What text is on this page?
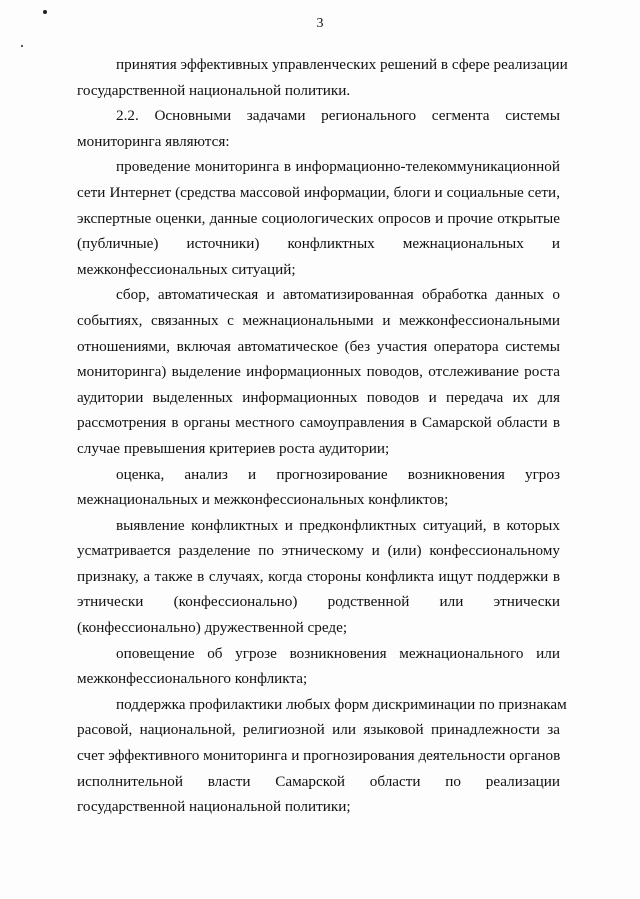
3
принятия эффективных управленческих решений в сфере реализации
государственной национальной политики.
2.2. Основными задачами регионального сегмента системы
мониторинга являются:
проведение мониторинга в информационно-телекоммуникационной
сети Интернет (средства массовой информации, блоги и социальные сети,
экспертные оценки, данные социологических опросов и прочие открытые
(публичные) источники) конфликтных межнациональных и
межконфессиональных ситуаций;
сбор, автоматическая и автоматизированная обработка данных о
событиях, связанных с межнациональными и межконфессиональными
отношениями, включая автоматическое (без участия оператора системы
мониторинга) выделение информационных поводов, отслеживание роста
аудитории выделенных информационных поводов и передача их для
рассмотрения в органы местного самоуправления в Самарской области в
случае превышения критериев роста аудитории;
оценка, анализ и прогнозирование возникновения угроз
межнациональных и межконфессиональных конфликтов;
выявление конфликтных и предконфликтных ситуаций, в которых
усматривается разделение по этническому и (или) конфессиональному
признаку, а также в случаях, когда стороны конфликта ищут поддержки в
этнически (конфессионально) родственной или этнически
(конфессионально) дружественной среде;
оповещение об угрозе возникновения межнационального или
межконфессионального конфликта;
поддержка профилактики любых форм дискриминации по признакам
расовой, национальной, религиозной или языковой принадлежности за
счет эффективного мониторинга и прогнозирования деятельности органов
исполнительной власти Самарской области по реализации
государственной национальной политики;
